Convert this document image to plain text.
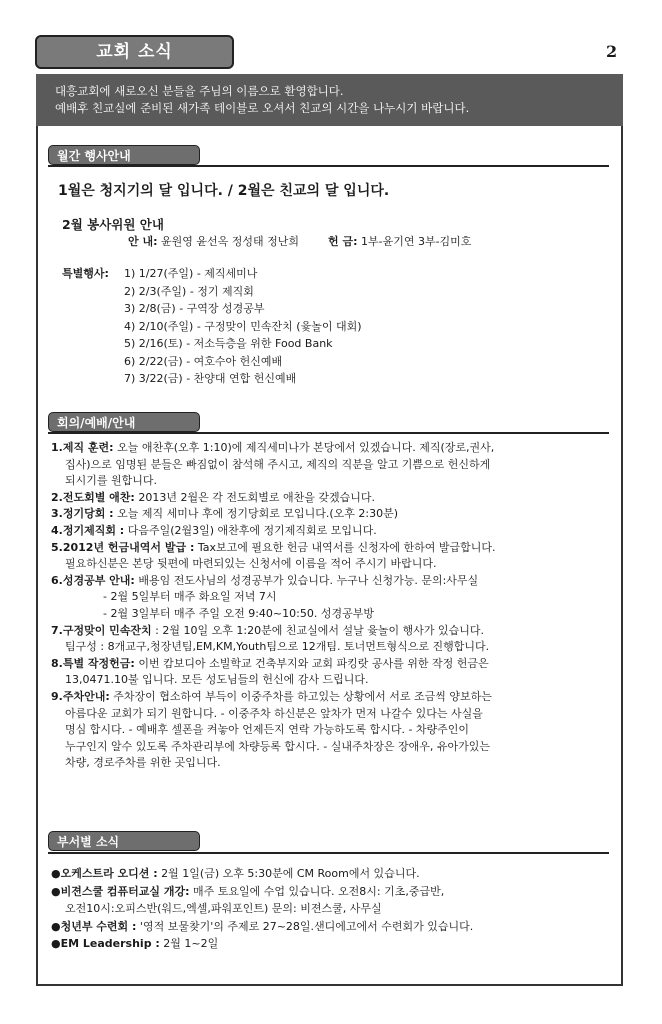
교회 소식	2
대흥교회에 새로오신 분들을 주님의 이름으로 환영합니다.
예배후 친교실에 준비된 새가족 테이블로 오셔서 친교의 시간을 나누시기 바랍니다.
월간 행사안내
1월은 청지기의 달 입니다. / 2월은 친교의 달 입니다.
2월 봉사위원 안내
안 내: 윤원영 윤선옥 정성태 정난희	헌 금: 1부-윤기연 3부-김미호
특별행사: 1) 1/27(주일) - 제직세미나
2) 2/3(주일) - 정기 제직회
3) 2/8(금) - 구역장 성경공부
4) 2/10(주일) - 구정맞이 민속잔치 (윷놀이 대회)
5) 2/16(토) - 저소득층을 위한 Food Bank
6) 2/22(금) - 여호수아 헌신예배
7) 3/22(금) - 찬양대 연합 헌신예배
회의/예배/안내
1.제직 훈련: 오늘 애찬후(오후 1:10)에 제직세미나가 본당에서 있겠습니다. 제직(장로,권사,
집사)으로 임명된 분들은 빠짐없이 참석해 주시고, 제직의 직분을 알고 기쁨으로 헌신하게
되시기를 원합니다.
2.전도회별 애찬: 2013년 2월은 각 전도회별로 애찬을 갖겠습니다.
3.정기당회 : 오늘 제직 세미나 후에 정기당회로 모입니다.(오후 2:30분)
4.정기제직회 : 다음주일(2월3일) 애찬후에 정기제직회로 모입니다.
5.2012년 헌금내역서 발급 : Tax보고에 필요한 헌금 내역서를 신청자에 한하여 발급합니다.
필요하신분은 본당 뒷편에 마련되있는 신청서에 이름을 적어 주시기 바랍니다.
6.성경공부 안내: 배용임 전도사님의 성경공부가 있습니다. 누구나 신청가능. 문의:사무실
- 2월 5일부터 매주 화요일 저녁 7시
- 2월 3일부터 매주 주일 오전 9:40~10:50. 성경공부방
7.구정맞이 민속잔치 : 2월 10일 오후 1:20분에 친교실에서 설날 윷놀이 행사가 있습니다.
팀구성 : 8개교구,청장년팀,EM,KM,Youth팀으로 12개팀. 토너먼트형식으로 진행합니다.
8.특별 작정헌금: 이번 캄보디아 소빌학교 건축부지와 교회 파킹랏 공사를 위한 작정 헌금은
13,0471.10불 입니다. 모든 성도님들의 헌신에 감사 드립니다.
9.주차안내: 주차장이 협소하여 부득이 이중주차를 하고있는 상황에서 서로 조금씩 양보하는
아름다운 교회가 되기 원합니다. - 이중주차 하신분은 앞차가 먼저 나갈수 있다는 사실을
명심 합시다. - 예배후 셀폰을 켜놓아 언제든지 연락 가능하도록 합시다. - 차량주인이
누구인지 알수 있도록 주차관리부에 차량등록 합시다. - 실내주차장은 장애우, 유아가있는
차량, 경로주차를 위한 곳입니다.
부서별 소식
●오케스트라 오디션 : 2월 1일(금) 오후 5:30분에 CM Room에서 있습니다.
●비젼스쿨 컴퓨터교실 개강: 매주 토요일에 수업 있습니다. 오전8시: 기초,중급반,
오전10시:오피스반(워드,엑셀,파워포인트) 문의: 비젼스쿨, 사무실
●청년부 수련회 : '영적 보물찾기'의 주제로 27~28일.샌디에고에서 수련회가 있습니다.
●EM Leadership : 2월 1~2일
